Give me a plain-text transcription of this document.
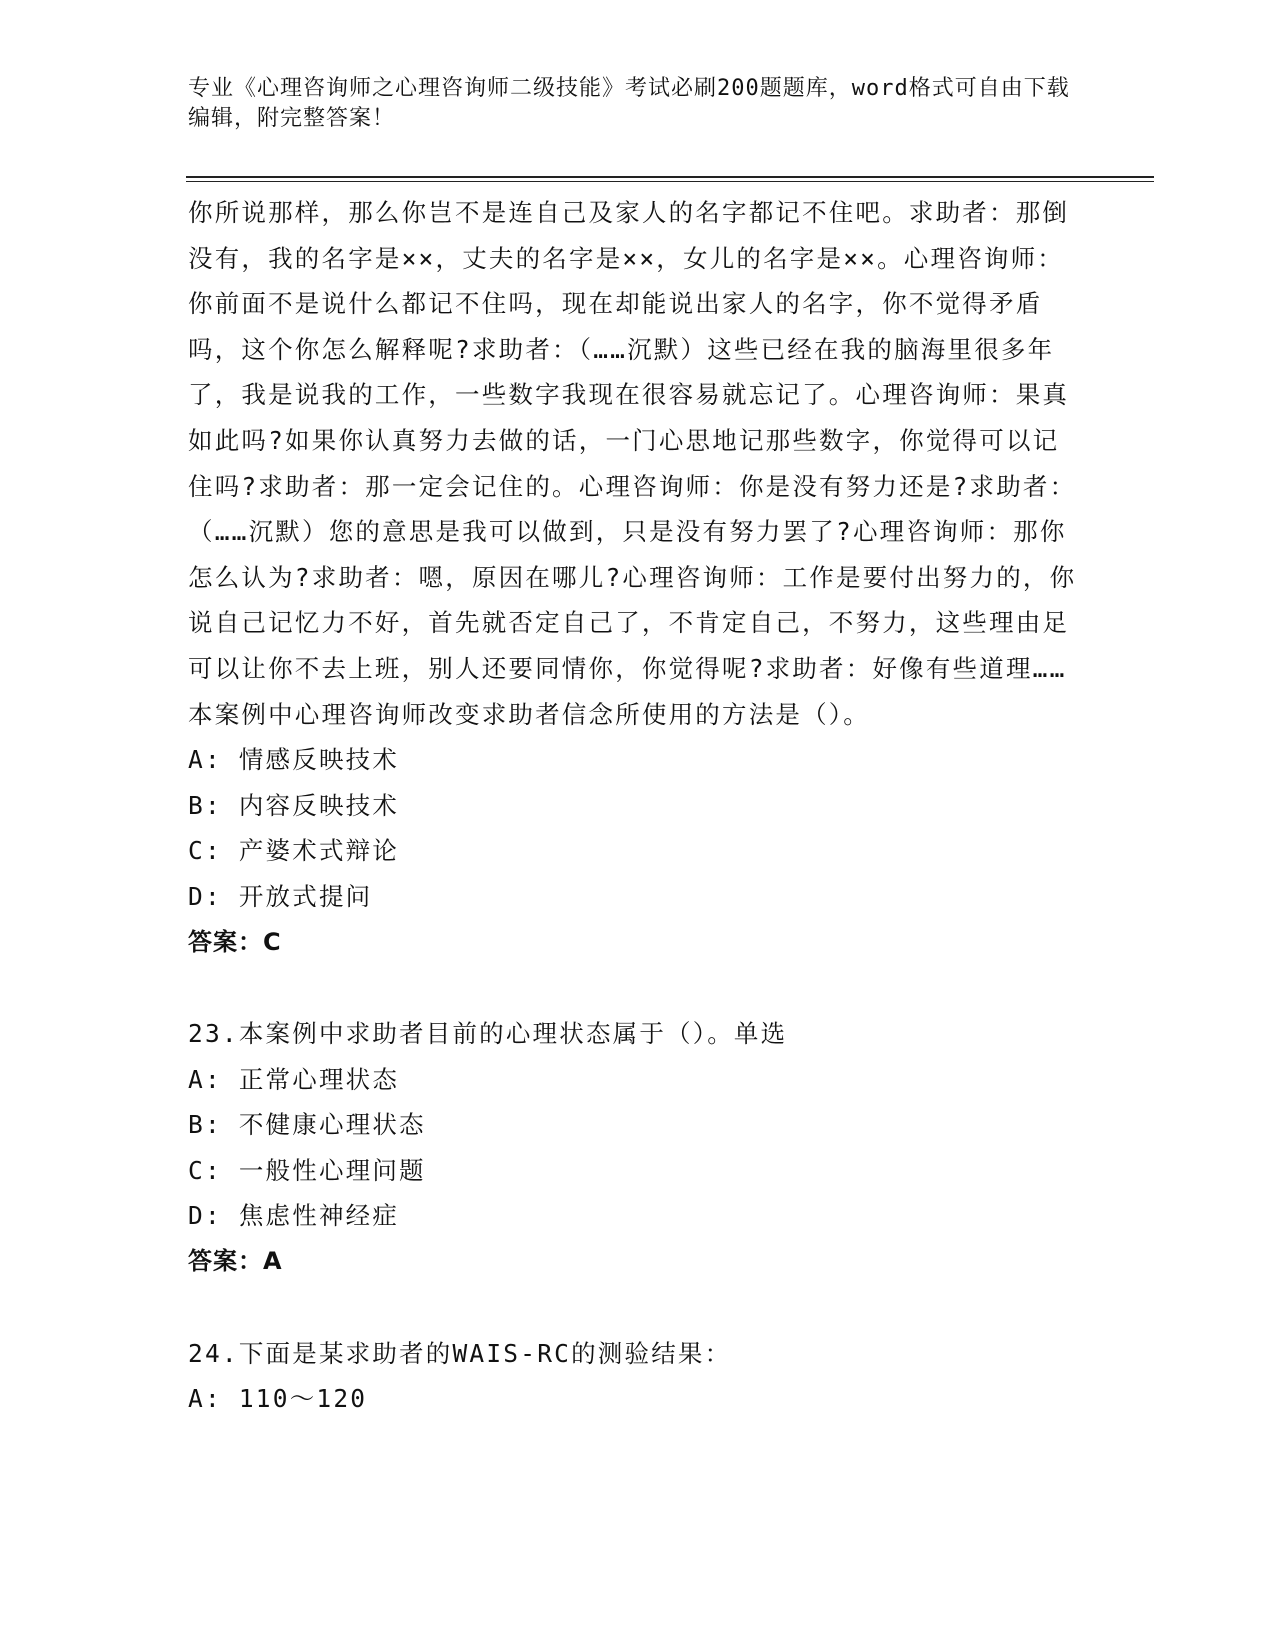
专业《心理咨询师之心理咨询师二级技能》考试必刷200题题库，word格式可自由下载编辑，附完整答案！

你所说那样，那么你岂不是连自己及家人的名字都记不住吧。求助者：那倒没有，我的名字是××，丈夫的名字是××，女儿的名字是××。心理咨询师：你前面不是说什么都记不住吗，现在却能说出家人的名字，你不觉得矛盾吗，这个你怎么解释呢?求助者：（……沉默）这些已经在我的脑海里很多年了，我是说我的工作，一些数字我现在很容易就忘记了。心理咨询师：果真如此吗?如果你认真努力去做的话，一门心思地记那些数字，你觉得可以记住吗?求助者：那一定会记住的。心理咨询师：你是没有努力还是?求助者：（……沉默）您的意思是我可以做到，只是没有努力罢了?心理咨询师：那你怎么认为?求助者：嗯，原因在哪儿?心理咨询师：工作是要付出努力的，你说自己记忆力不好，首先就否定自己了，不肯定自己，不努力，这些理由足可以让你不去上班，别人还要同情你，你觉得呢?求助者：好像有些道理……本案例中心理咨询师改变求助者信念所使用的方法是（）。

A: 情感反映技术

B: 内容反映技术

C: 产婆术式辩论

D: 开放式提问

答案：C

23.本案例中求助者目前的心理状态属于（）。单选

A: 正常心理状态

B: 不健康心理状态

C: 一般性心理问题

D: 焦虑性神经症

答案：A

24.下面是某求助者的WAIS-RC的测验结果：

A: 110～120
